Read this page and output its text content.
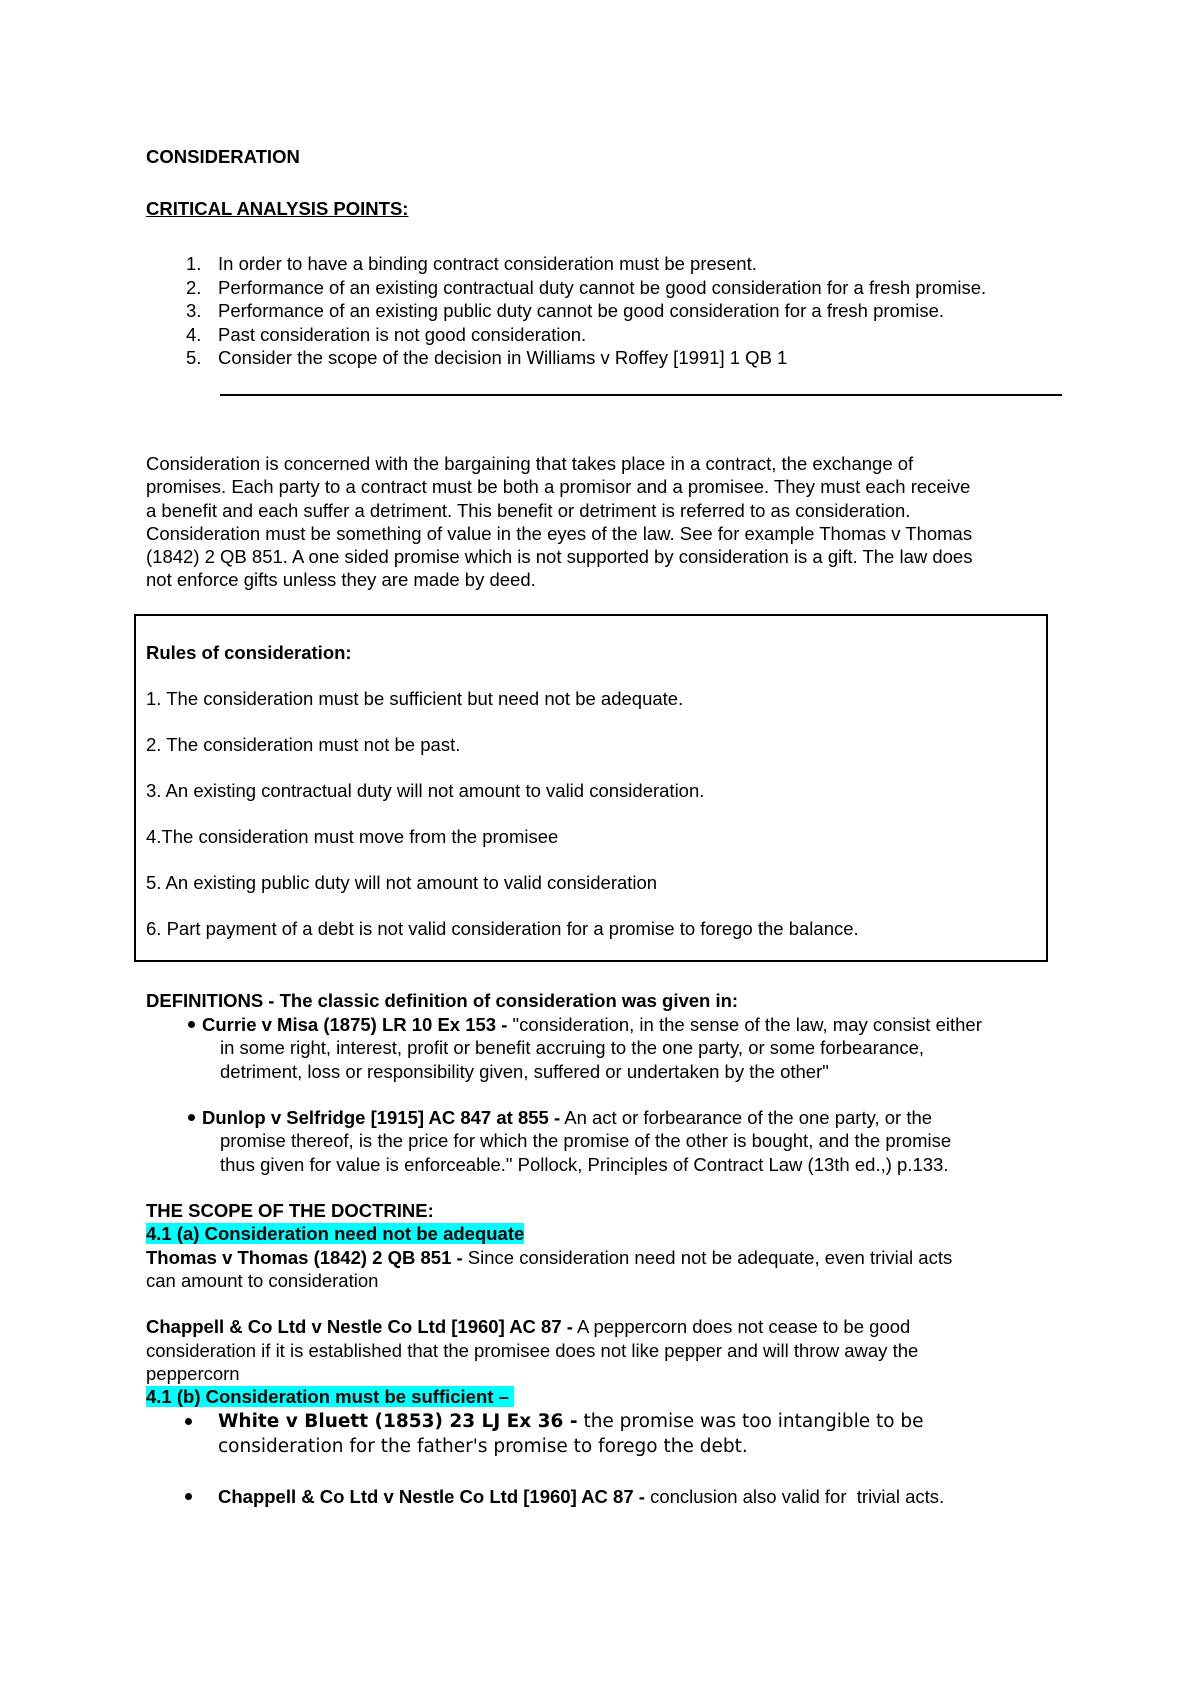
CONSIDERATION
CRITICAL ANALYSIS POINTS:
1. In order to have a binding contract consideration must be present.
2. Performance of an existing contractual duty cannot be good consideration for a fresh promise.
3. Performance of an existing public duty cannot be good consideration for a fresh promise.
4. Past consideration is not good consideration.
5. Consider the scope of the decision in Williams v Roffey [1991] 1 QB 1
Consideration is concerned with the bargaining that takes place in a contract, the exchange of
promises. Each party to a contract must be both a promisor and a promisee. They must each receive
a benefit and each suffer a detriment. This benefit or detriment is referred to as consideration.
Consideration must be something of value in the eyes of the law. See for example Thomas v Thomas
(1842) 2 QB 851. A one sided promise which is not supported by consideration is a gift. The law does
not enforce gifts unless they are made by deed.
Rules of consideration:
1. The consideration must be sufficient but need not be adequate.
2. The consideration must not be past.
3. An existing contractual duty will not amount to valid consideration.
4.The consideration must move from the promisee
5. An existing public duty will not amount to valid consideration
6. Part payment of a debt is not valid consideration for a promise to forego the balance.
DEFINITIONS - The classic definition of consideration was given in:
Currie v Misa (1875) LR 10 Ex 153 - "consideration, in the sense of the law, may consist either
in some right, interest, profit or benefit accruing to the one party, or some forbearance,
detriment, loss or responsibility given, suffered or undertaken by the other"
Dunlop v Selfridge [1915] AC 847 at 855 - An act or forbearance of the one party, or the
promise thereof, is the price for which the promise of the other is bought, and the promise
thus given for value is enforceable." Pollock, Principles of Contract Law (13th ed.,) p.133.
THE SCOPE OF THE DOCTRINE:
4.1 (a) Consideration need not be adequate
Thomas v Thomas (1842) 2 QB 851 - Since consideration need not be adequate, even trivial acts
can amount to consideration
Chappell & Co Ltd v Nestle Co Ltd [1960] AC 87 - A peppercorn does not cease to be good
consideration if it is established that the promisee does not like pepper and will throw away the
peppercorn
4.1 (b) Consideration must be sufficient –
White v Bluett (1853) 23 LJ Ex 36 - the promise was too intangible to be
consideration for the father's promise to forego the debt.
Chappell & Co Ltd v Nestle Co Ltd [1960] AC 87 - conclusion also valid for  trivial acts.
